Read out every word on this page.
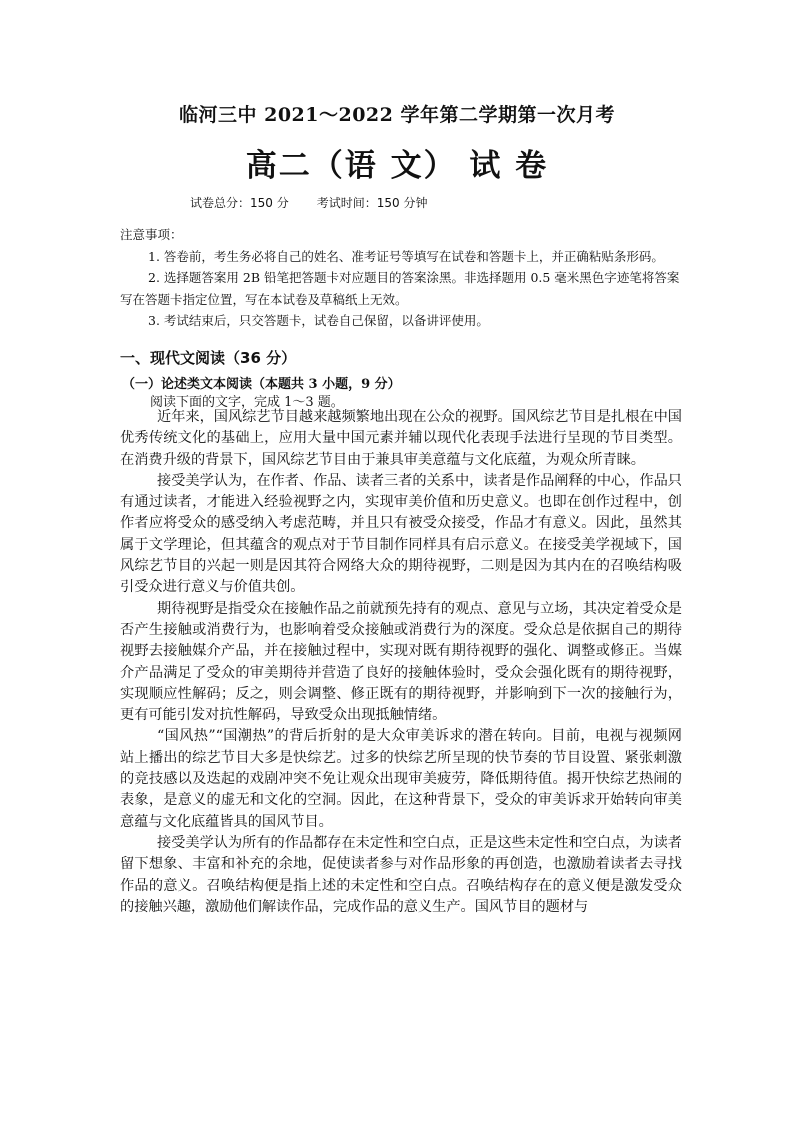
临河三中 2021～2022 学年第二学期第一次月考
高二（语 文） 试 卷
试卷总分：150 分 考试时间：150 分钟
注意事项：

1. 答卷前，考生务必将自己的姓名、准考证号等填写在试卷和答题卡上，并正确粘贴条形码。

2. 选择题答案用 2B 铅笔把答题卡对应题目的答案涂黑。非选择题用 0.5 毫米黑色字迹笔将答案写在答题卡指定位置，写在本试卷及草稿纸上无效。

3. 考试结束后，只交答题卡，试卷自己保留，以备讲评使用。

一、现代文阅读（36 分）
（一）论述类文本阅读（本题共 3 小题，9 分）
阅读下面的文字，完成 1～3 题。

近年来，国风综艺节目越来越频繁地出现在公众的视野。国风综艺节目是扎根在中国优秀传统文化的基础上，应用大量中国元素并辅以现代化表现手法进行呈现的节目类型。在消费升级的背景下，国风综艺节目由于兼具审美意蕴与文化底蕴，为观众所青睐。

接受美学认为，在作者、作品、读者三者的关系中，读者是作品阐释的中心，作品只有通过读者，才能进入经验视野之内，实现审美价值和历史意义。也即在创作过程中，创作者应将受众的感受纳入考虑范畴，并且只有被受众接受，作品才有意义。因此，虽然其属于文学理论，但其蕴含的观点对于节目制作同样具有启示意义。在接受美学视域下，国风综艺节目的兴起一则是因其符合网络大众的期待视野，二则是因为其内在的召唤结构吸引受众进行意义与价值共创。

期待视野是指受众在接触作品之前就预先持有的观点、意见与立场，其决定着受众是否产生接触或消费行为，也影响着受众接触或消费行为的深度。受众总是依据自己的期待视野去接触媒介产品，并在接触过程中，实现对既有期待视野的强化、调整或修正。当媒介产品满足了受众的审美期待并营造了良好的接触体验时，受众会强化既有的期待视野，实现顺应性解码；反之，则会调整、修正既有的期待视野，并影响到下一次的接触行为，更有可能引发对抗性解码，导致受众出现抵触情绪。

“国风热”“国潮热”的背后折射的是大众审美诉求的潜在转向。目前，电视与视频网站上播出的综艺节目大多是快综艺。过多的快综艺所呈现的快节奏的节目设置、紧张刺激的竞技感以及迭起的戏剧冲突不免让观众出现审美疲劳，降低期待值。揭开快综艺热闹的表象，是意义的虚无和文化的空洞。因此，在这种背景下，受众的审美诉求开始转向审美意蕴与文化底蕴皆具的国风节目。

接受美学认为所有的作品都存在未定性和空白点，正是这些未定性和空白点，为读者留下想象、丰富和补充的余地，促使读者参与对作品形象的再创造，也激励着读者去寻找作品的意义。召唤结构便是指上述的未定性和空白点。召唤结构存在的意义便是激发受众的接触兴趣，激励他们解读作品，完成作品的意义生产。国风节目的题材与
